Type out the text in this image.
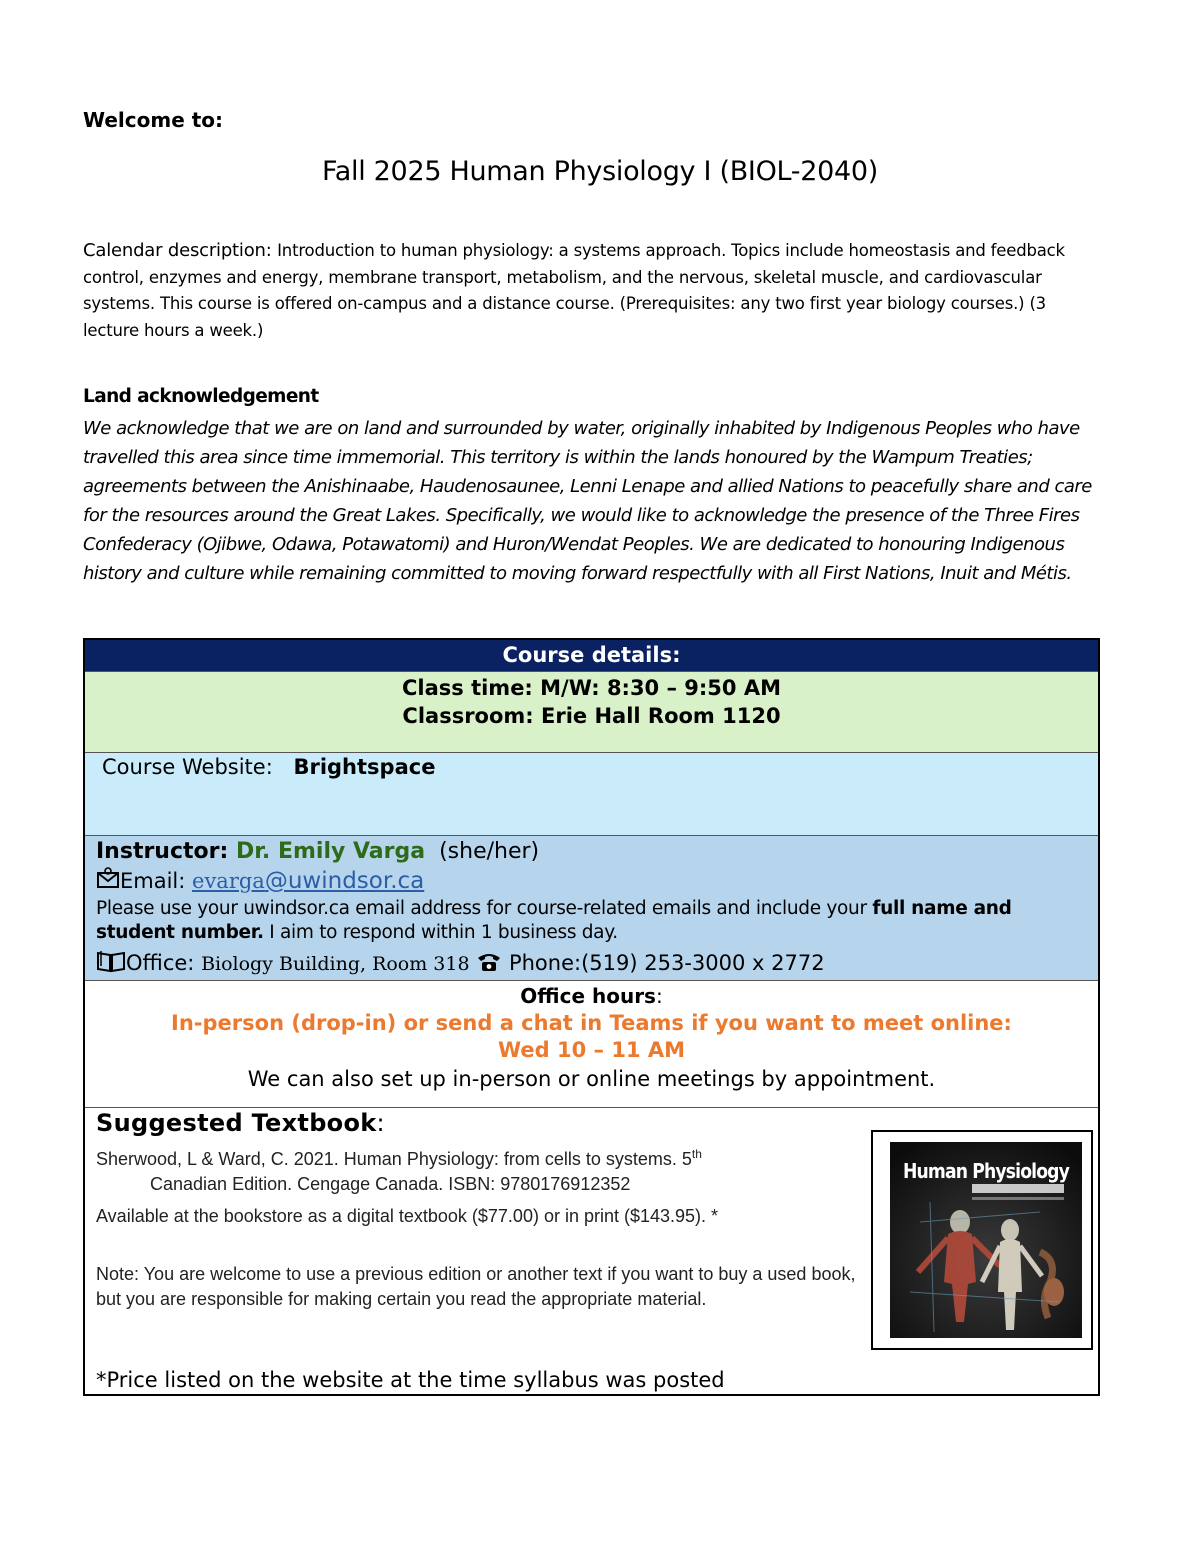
Welcome to:
Fall 2025 Human Physiology I (BIOL-2040)
Calendar description: Introduction to human physiology: a systems approach. Topics include homeostasis and feedback control, enzymes and energy, membrane transport, metabolism, and the nervous, skeletal muscle, and cardiovascular systems. This course is offered on-campus and a distance course. (Prerequisites: any two first year biology courses.) (3 lecture hours a week.)
Land acknowledgement
We acknowledge that we are on land and surrounded by water, originally inhabited by Indigenous Peoples who have travelled this area since time immemorial. This territory is within the lands honoured by the Wampum Treaties; agreements between the Anishinaabe, Haudenosaunee, Lenni Lenape and allied Nations to peacefully share and care for the resources around the Great Lakes. Specifically, we would like to acknowledge the presence of the Three Fires Confederacy (Ojibwe, Odawa, Potawatomi) and Huron/Wendat Peoples. We are dedicated to honouring Indigenous history and culture while remaining committed to moving forward respectfully with all First Nations, Inuit and Métis.
Course details:
Class time: M/W: 8:30 – 9:50 AM
Classroom: Erie Hall Room 1120
Course Website: Brightspace
Instructor: Dr. Emily Varga (she/her)
Email: evarga@uwindsor.ca
Please use your uwindsor.ca email address for course-related emails and include your full name and student number. I aim to respond within 1 business day.
Office: Biology Building, Room 318 Phone:(519) 253-3000 x 2772
Office hours:
In-person (drop-in) or send a chat in Teams if you want to meet online:
Wed 10 – 11 AM
We can also set up in-person or online meetings by appointment.
Suggested Textbook:
Sherwood, L & Ward, C. 2021. Human Physiology: from cells to systems. 5th
Canadian Edition. Cengage Canada. ISBN: 9780176912352
Available at the bookstore as a digital textbook ($77.00) or in print ($143.95). *
Note: You are welcome to use a previous edition or another text if you want to buy a used book, but you are responsible for making certain you read the appropriate material.
*Price listed on the website at the time syllabus was posted
Human Physiology
